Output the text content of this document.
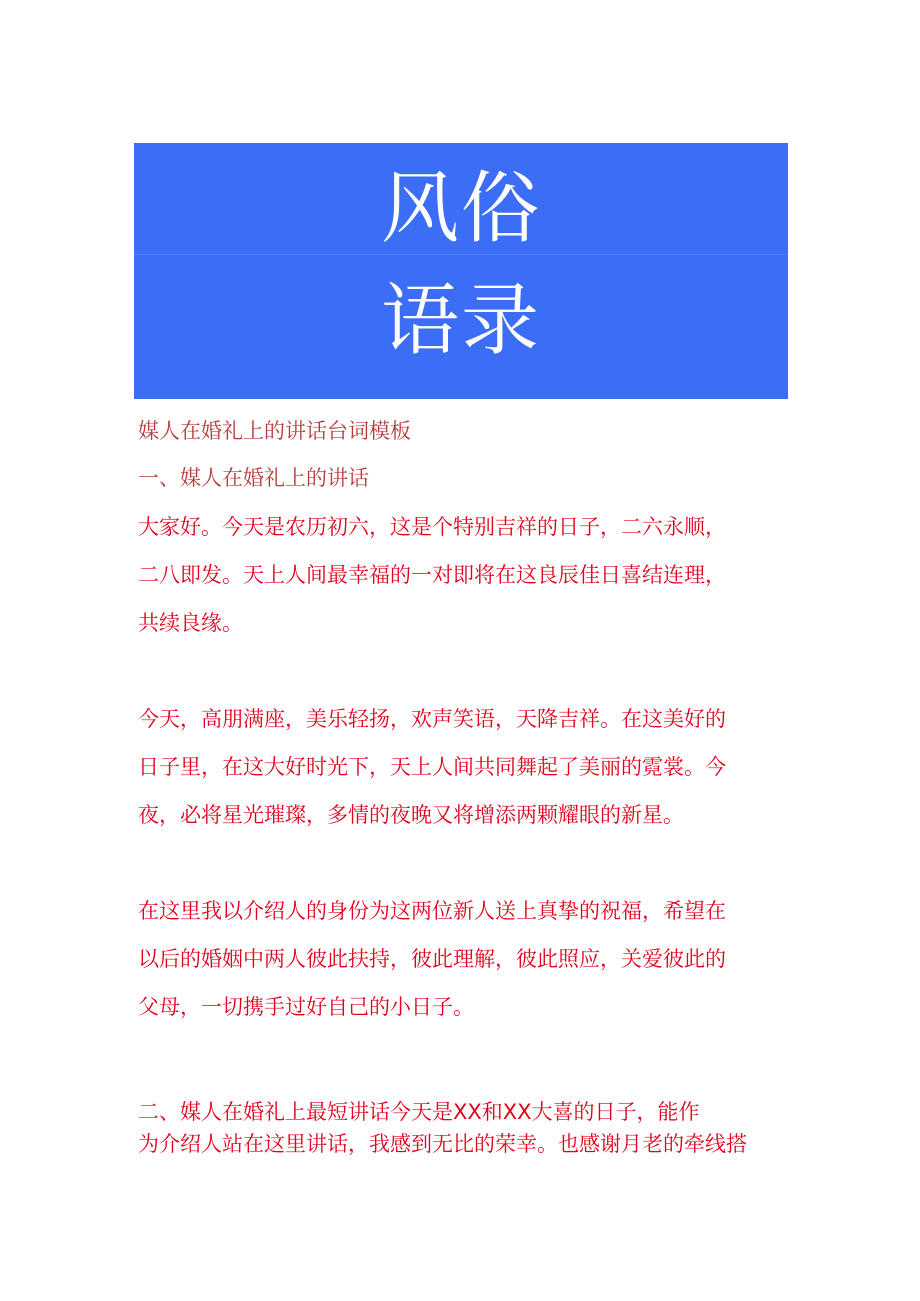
风俗
语录

媒人在婚礼上的讲话台词模板

一、媒人在婚礼上的讲话

大家好。今天是农历初六，这是个特别吉祥的日子，二六永顺，

二八即发。天上人间最幸福的一对即将在这良辰佳日喜结连理，

共续良缘。

今天，高朋满座，美乐轻扬，欢声笑语，天降吉祥。在这美好的

日子里，在这大好时光下，天上人间共同舞起了美丽的霓裳。今

夜，必将星光璀璨，多情的夜晚又将增添两颗耀眼的新星。

在这里我以介绍人的身份为这两位新人送上真挚的祝福，希望在

以后的婚姻中两人彼此扶持，彼此理解，彼此照应，关爱彼此的

父母，一切携手过好自己的小日子。

二、媒人在婚礼上最短讲话今天是XX和XX大喜的日子，能作

为介绍人站在这里讲话，我感到无比的荣幸。也感谢月老的牵线搭
